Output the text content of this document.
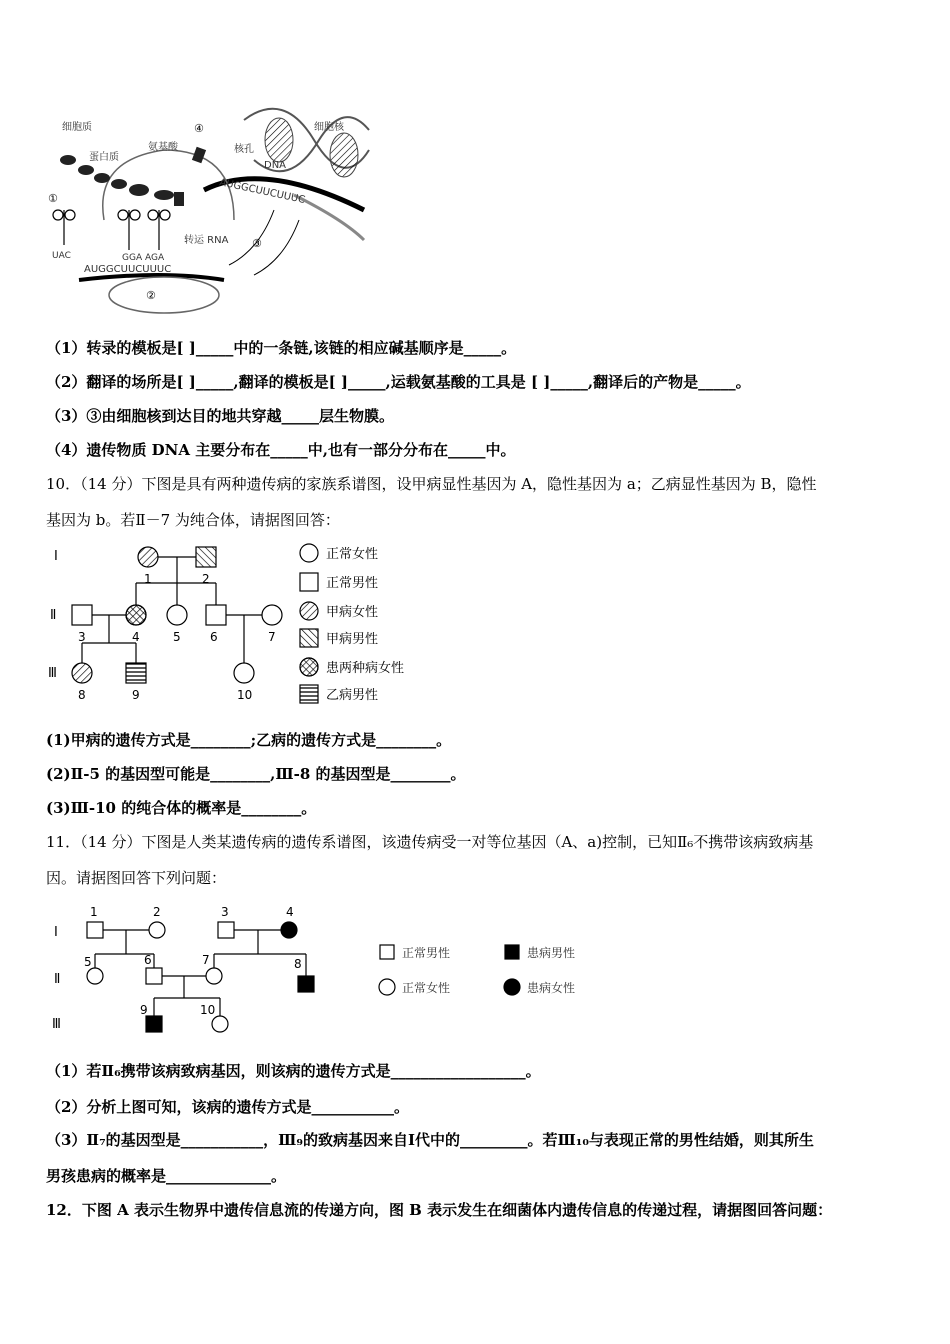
细胞质
蛋白质
氨基酸
细胞核
核孔
DNA
转运 RNA
UAC	GGA AGA
AUGGCUUCUUUC
AUGGCUUCUUUC
①
②
③
④
（1）转录的模板是[ ]_____中的一条链,该链的相应碱基顺序是_____。
（2）翻译的场所是[ ]_____,翻译的模板是[ ]_____,运载氨基酸的工具是 [ ]_____,翻译后的产物是_____。
（3）③由细胞核到达目的地共穿越_____层生物膜。
（4）遗传物质 DNA 主要分布在_____中,也有一部分分布在_____中。
10．（14 分）下图是具有两种遗传病的家族系谱图，设甲病显性基因为 A，隐性基因为 a；乙病显性基因为 B，隐性
基因为 b。若Ⅱ－7 为纯合体，请据图回答：
Ⅰ
Ⅱ
Ⅲ
1	2
3	4	5 6	7
8	9	10
正常女性
正常男性
甲病女性
甲病男性
患两种病女性
乙病男性
(1)甲病的遗传方式是________;乙病的遗传方式是________。
(2)Ⅱ-5 的基因型可能是________,Ⅲ-8 的基因型是________。
(3)Ⅲ-10 的纯合体的概率是________。
11．（14 分）下图是人类某遗传病的遗传系谱图，该遗传病受一对等位基因（A、a)控制，已知Ⅱ₆不携带该病致病基
因。请据图回答下列问题：
Ⅰ
Ⅱ
Ⅲ
1	2	3	4
5	6	7	8
9	10
正常男性	患病男性
正常女性	患病女性
（1）若Ⅱ₆携带该病致病基因，则该病的遗传方式是__________________。
（2）分析上图可知，该病的遗传方式是___________。
（3）Ⅱ₇的基因型是___________，Ⅲ₉的致病基因来自Ⅰ代中的_________。若Ⅲ₁₀与表现正常的男性结婚，则其所生
男孩患病的概率是______________。
12．下图 A 表示生物界中遗传信息流的传递方向，图 B 表示发生在细菌体内遗传信息的传递过程，请据图回答问题：
